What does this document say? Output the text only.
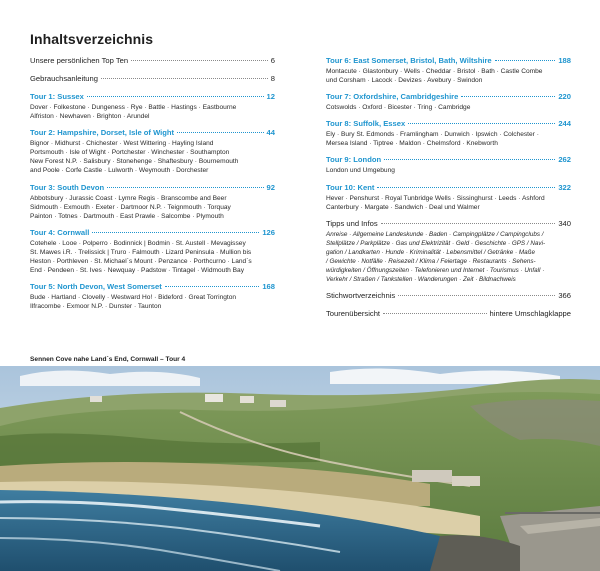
Inhaltsverzeichnis
Unsere persönlichen Top Ten	6
Gebrauchsanleitung	8
Tour 1: Sussex	12
Dover · Folkestone · Dungeness · Rye · Battle · Hastings · Eastbourne
Alfriston · Newhaven · Brighton · Arundel
Tour 2: Hampshire, Dorset, Isle of Wight	44
Bignor · Midhurst · Chichester · West Wittering · Hayling Island
Portsmouth · Isle of Wight · Portchester · Winchester · Southampton
New Forest N.P. · Salisbury · Stonehenge · Shaftesbury · Bournemouth
and Poole · Corfe Castle · Lulworth · Weymouth · Dorchester
Tour 3: South Devon	92
Abbotsbury · Jurassic Coast · Lymre Regis · Branscombe and Beer
Sidmouth · Exmouth · Exeter · Dartmoor N.P. · Teignmouth · Torquay
Painton · Totnes · Dartmouth · East Prawle · Salcombe · Plymouth
Tour 4: Cornwall	126
Cotehele · Looe · Polperro · Bodinnick | Bodmin · St. Austell · Mevagissey
St. Mawes i.R. · Trelissick | Truro · Falmouth · Lizard Peninsula · Mullion bis
Heston · Porthleven · St. Michael`s Mount · Penzance · Porthcurno · Land`s
End · Pendeen · St. Ives · Newquay · Padstow · Tintagel · Widmouth Bay
Tour 5: North Devon, West Somerset	168
Bude · Hartland · Clovelly · Westward Ho! · Bideford · Great Torrington
Ilfracombe · Exmoor N.P. · Dunster · Taunton
Tour 6: East Somerset, Bristol, Bath, Wiltshire	188
Montacute · Glastonbury · Wells · Cheddar · Bristol · Bath · Castle Combe
und Corsham · Lacock · Devizes · Avebury · Swindon
Tour 7: Oxfordshire, Cambridgeshire	220
Cotswolds · Oxford · Bicester · Tring · Cambridge
Tour 8: Suffolk, Essex	244
Ely · Bury St. Edmonds · Framlingham · Dunwich · Ipswich · Colchester ·
Mersea Island · Tiptree · Maldon · Chelmsford · Knebworth
Tour 9: London	262
London und Umgebung
Tour 10: Kent	322
Hever · Penshurst · Royal Tunbridge Wells · Sissinghurst · Leeds · Ashford
Canterbury · Margate · Sandwich · Deal und Walmer
Tipps und Infos	340
Anreise · Allgemeine Landeskunde · Baden · Campingplätze / Campingclubs /
Stellplätze / Parkplätze · Gas und Elektrizität · Geld · Geschichte · GPS / Navi-
gation / Landkarten · Hunde · Kriminalität · Lebensmittel / Getränke · Maße
/ Gewichte · Notfälle · Reisezeit / Klima / Feiertage · Restaurants · Sehens-
würdigkeiten / Öffnungszeiten · Telefonieren und Internet · Tourismus · Unfall ·
Verkehr / Straßen / Tankstellen · Wanderungen · Zeit · Bildnachweis
Stichwortverzeichnis	366
Tourenübersicht	hintere Umschlagklappe
Sennen Cove nahe Land`s End, Cornwall – Tour 4
